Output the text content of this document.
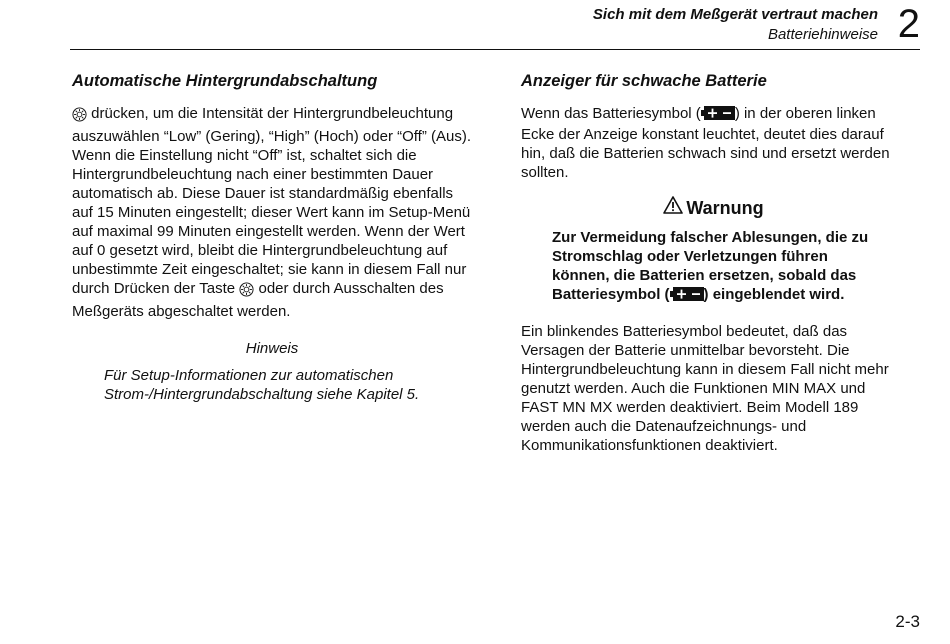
Sich mit dem Meßgerät vertraut machen

Batteriehinweise 2

Automatische Hintergrundabschaltung

drücken, um die Intensität der Hintergrundbeleuchtung auszuwählen “Low” (Gering), “High” (Hoch) oder “Off” (Aus). Wenn die Einstellung nicht “Off” ist, schaltet sich die Hintergrundbeleuchtung nach einer bestimmten Dauer automatisch ab. Diese Dauer ist standardmäßig ebenfalls auf 15 Minuten eingestellt; dieser Wert kann im Setup-Menü auf maximal 99 Minuten eingestellt werden. Wenn der Wert auf 0 gesetzt wird, bleibt die Hintergrundbeleuchtung auf unbestimmte Zeit eingeschaltet; sie kann in diesem Fall nur durch Drücken der Taste  oder durch Ausschalten des Meßgeräts abgeschaltet werden.

Hinweis

Für Setup-Informationen zur automatischen Strom-/Hintergrundabschaltung siehe Kapitel 5.

Anzeiger für schwache Batterie

Wenn das Batteriesymbol ( ) in der oberen linken Ecke der Anzeige konstant leuchtet, deutet dies darauf hin, daß die Batterien schwach sind und ersetzt werden sollten.

Warnung

Zur Vermeidung falscher Ablesungen, die zu Stromschlag oder Verletzungen führen können, die Batterien ersetzen, sobald das Batteriesymbol ( ) eingeblendet wird.

Ein blinkendes Batteriesymbol bedeutet, daß das Versagen der Batterie unmittelbar bevorsteht. Die Hintergrundbeleuchtung kann in diesem Fall nicht mehr genutzt werden. Auch die Funktionen MIN MAX und FAST MN MX werden deaktiviert. Beim Modell 189 werden auch die Datenaufzeichnungs- und Kommunikationsfunktionen deaktiviert.

2-3
